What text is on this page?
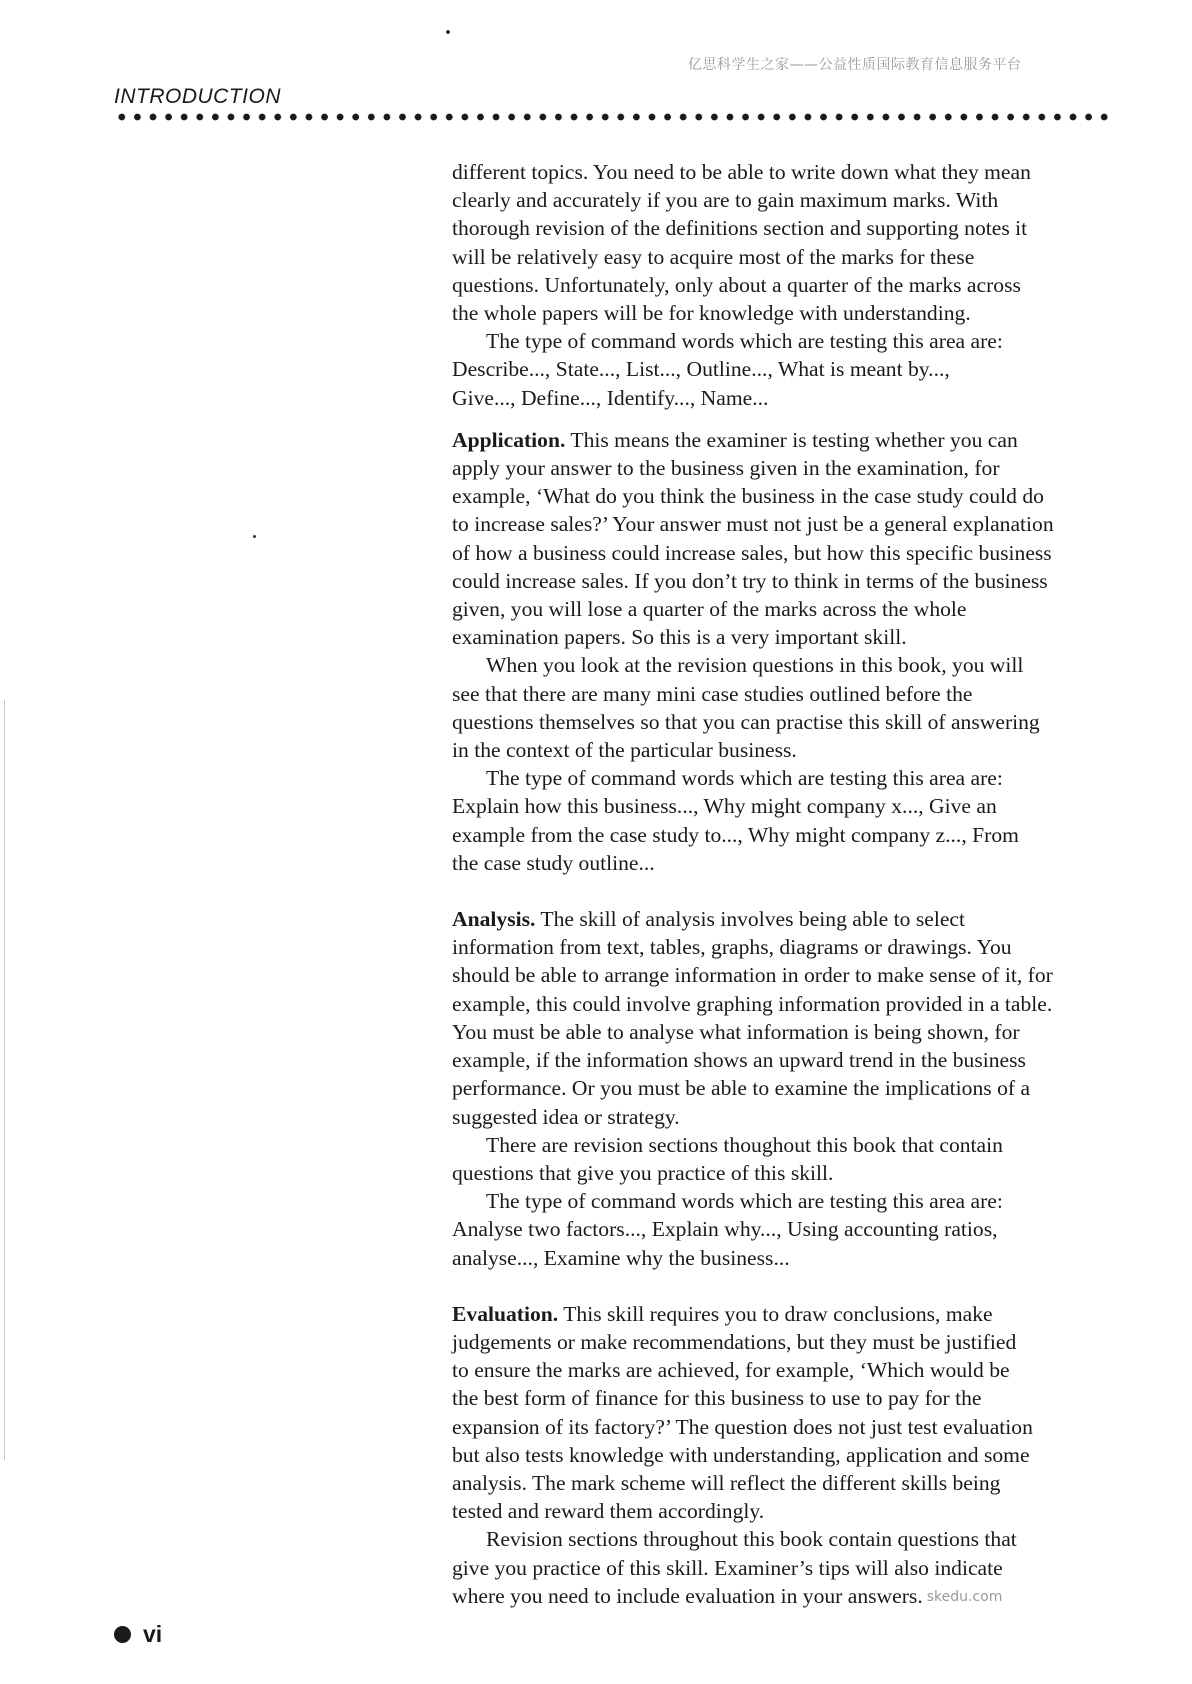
亿思科学生之家——公益性质国际教育信息服务平台
INTRODUCTION

different topics. You need to be able to write down what they mean

clearly and accurately if you are to gain maximum marks. With

thorough revision of the definitions section and supporting notes it

will be relatively easy to acquire most of the marks for these

questions. Unfortunately, only about a quarter of the marks across

the whole papers will be for knowledge with understanding.

The type of command words which are testing this area are:

Describe..., State..., List..., Outline..., What is meant by...,

Give..., Define..., Identify..., Name...

Application. This means the examiner is testing whether you can

apply your answer to the business given in the examination, for

example, ‘What do you think the business in the case study could do

to increase sales?’ Your answer must not just be a general explanation

of how a business could increase sales, but how this specific business

could increase sales. If you don’t try to think in terms of the business

given, you will lose a quarter of the marks across the whole

examination papers. So this is a very important skill.

When you look at the revision questions in this book, you will

see that there are many mini case studies outlined before the

questions themselves so that you can practise this skill of answering

in the context of the particular business.

The type of command words which are testing this area are:

Explain how this business..., Why might company x..., Give an

example from the case study to..., Why might company z..., From

the case study outline...

Analysis. The skill of analysis involves being able to select

information from text, tables, graphs, diagrams or drawings. You

should be able to arrange information in order to make sense of it, for

example, this could involve graphing information provided in a table.

You must be able to analyse what information is being shown, for

example, if the information shows an upward trend in the business

performance. Or you must be able to examine the implications of a

suggested idea or strategy.

There are revision sections thoughout this book that contain

questions that give you practice of this skill.

The type of command words which are testing this area are:

Analyse two factors..., Explain why..., Using accounting ratios,

analyse..., Examine why the business...

Evaluation. This skill requires you to draw conclusions, make

judgements or make recommendations, but they must be justified

to ensure the marks are achieved, for example, ‘Which would be

the best form of finance for this business to use to pay for the

expansion of its factory?’ The question does not just test evaluation

but also tests knowledge with understanding, application and some

analysis. The mark scheme will reflect the different skills being

tested and reward them accordingly.

Revision sections throughout this book contain questions that

give you practice of this skill. Examiner’s tips will also indicate

where you need to include evaluation in your answers. skedu.com

vi
